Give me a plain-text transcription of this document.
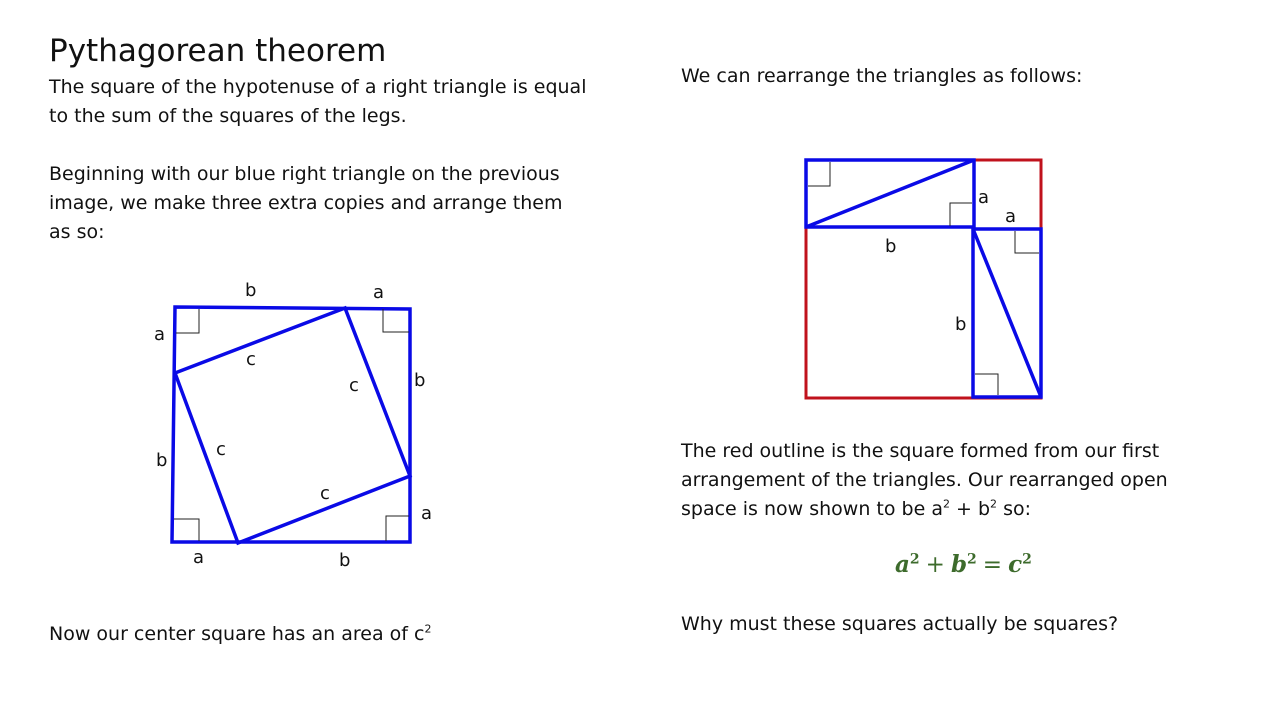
Pythagorean theorem

The square of the hypotenuse of a right triangle is equal
to the sum of the squares of the legs.

Beginning with our blue right triangle on the previous
image, we make three extra copies and arrange them
as so:

Now our center square has an area of $c^2$

We can rearrange the triangles as follows:

The red outline is the square formed from our first
arrangement of the triangles. Our rearranged open
space is now shown to be $a^2 + b^2$ so:

$a^2 + b^2 = c^2$

Why must these squares actually be squares?

b	a
a
b
b
a
a	b
c
c
c
c
a
a
b
b
